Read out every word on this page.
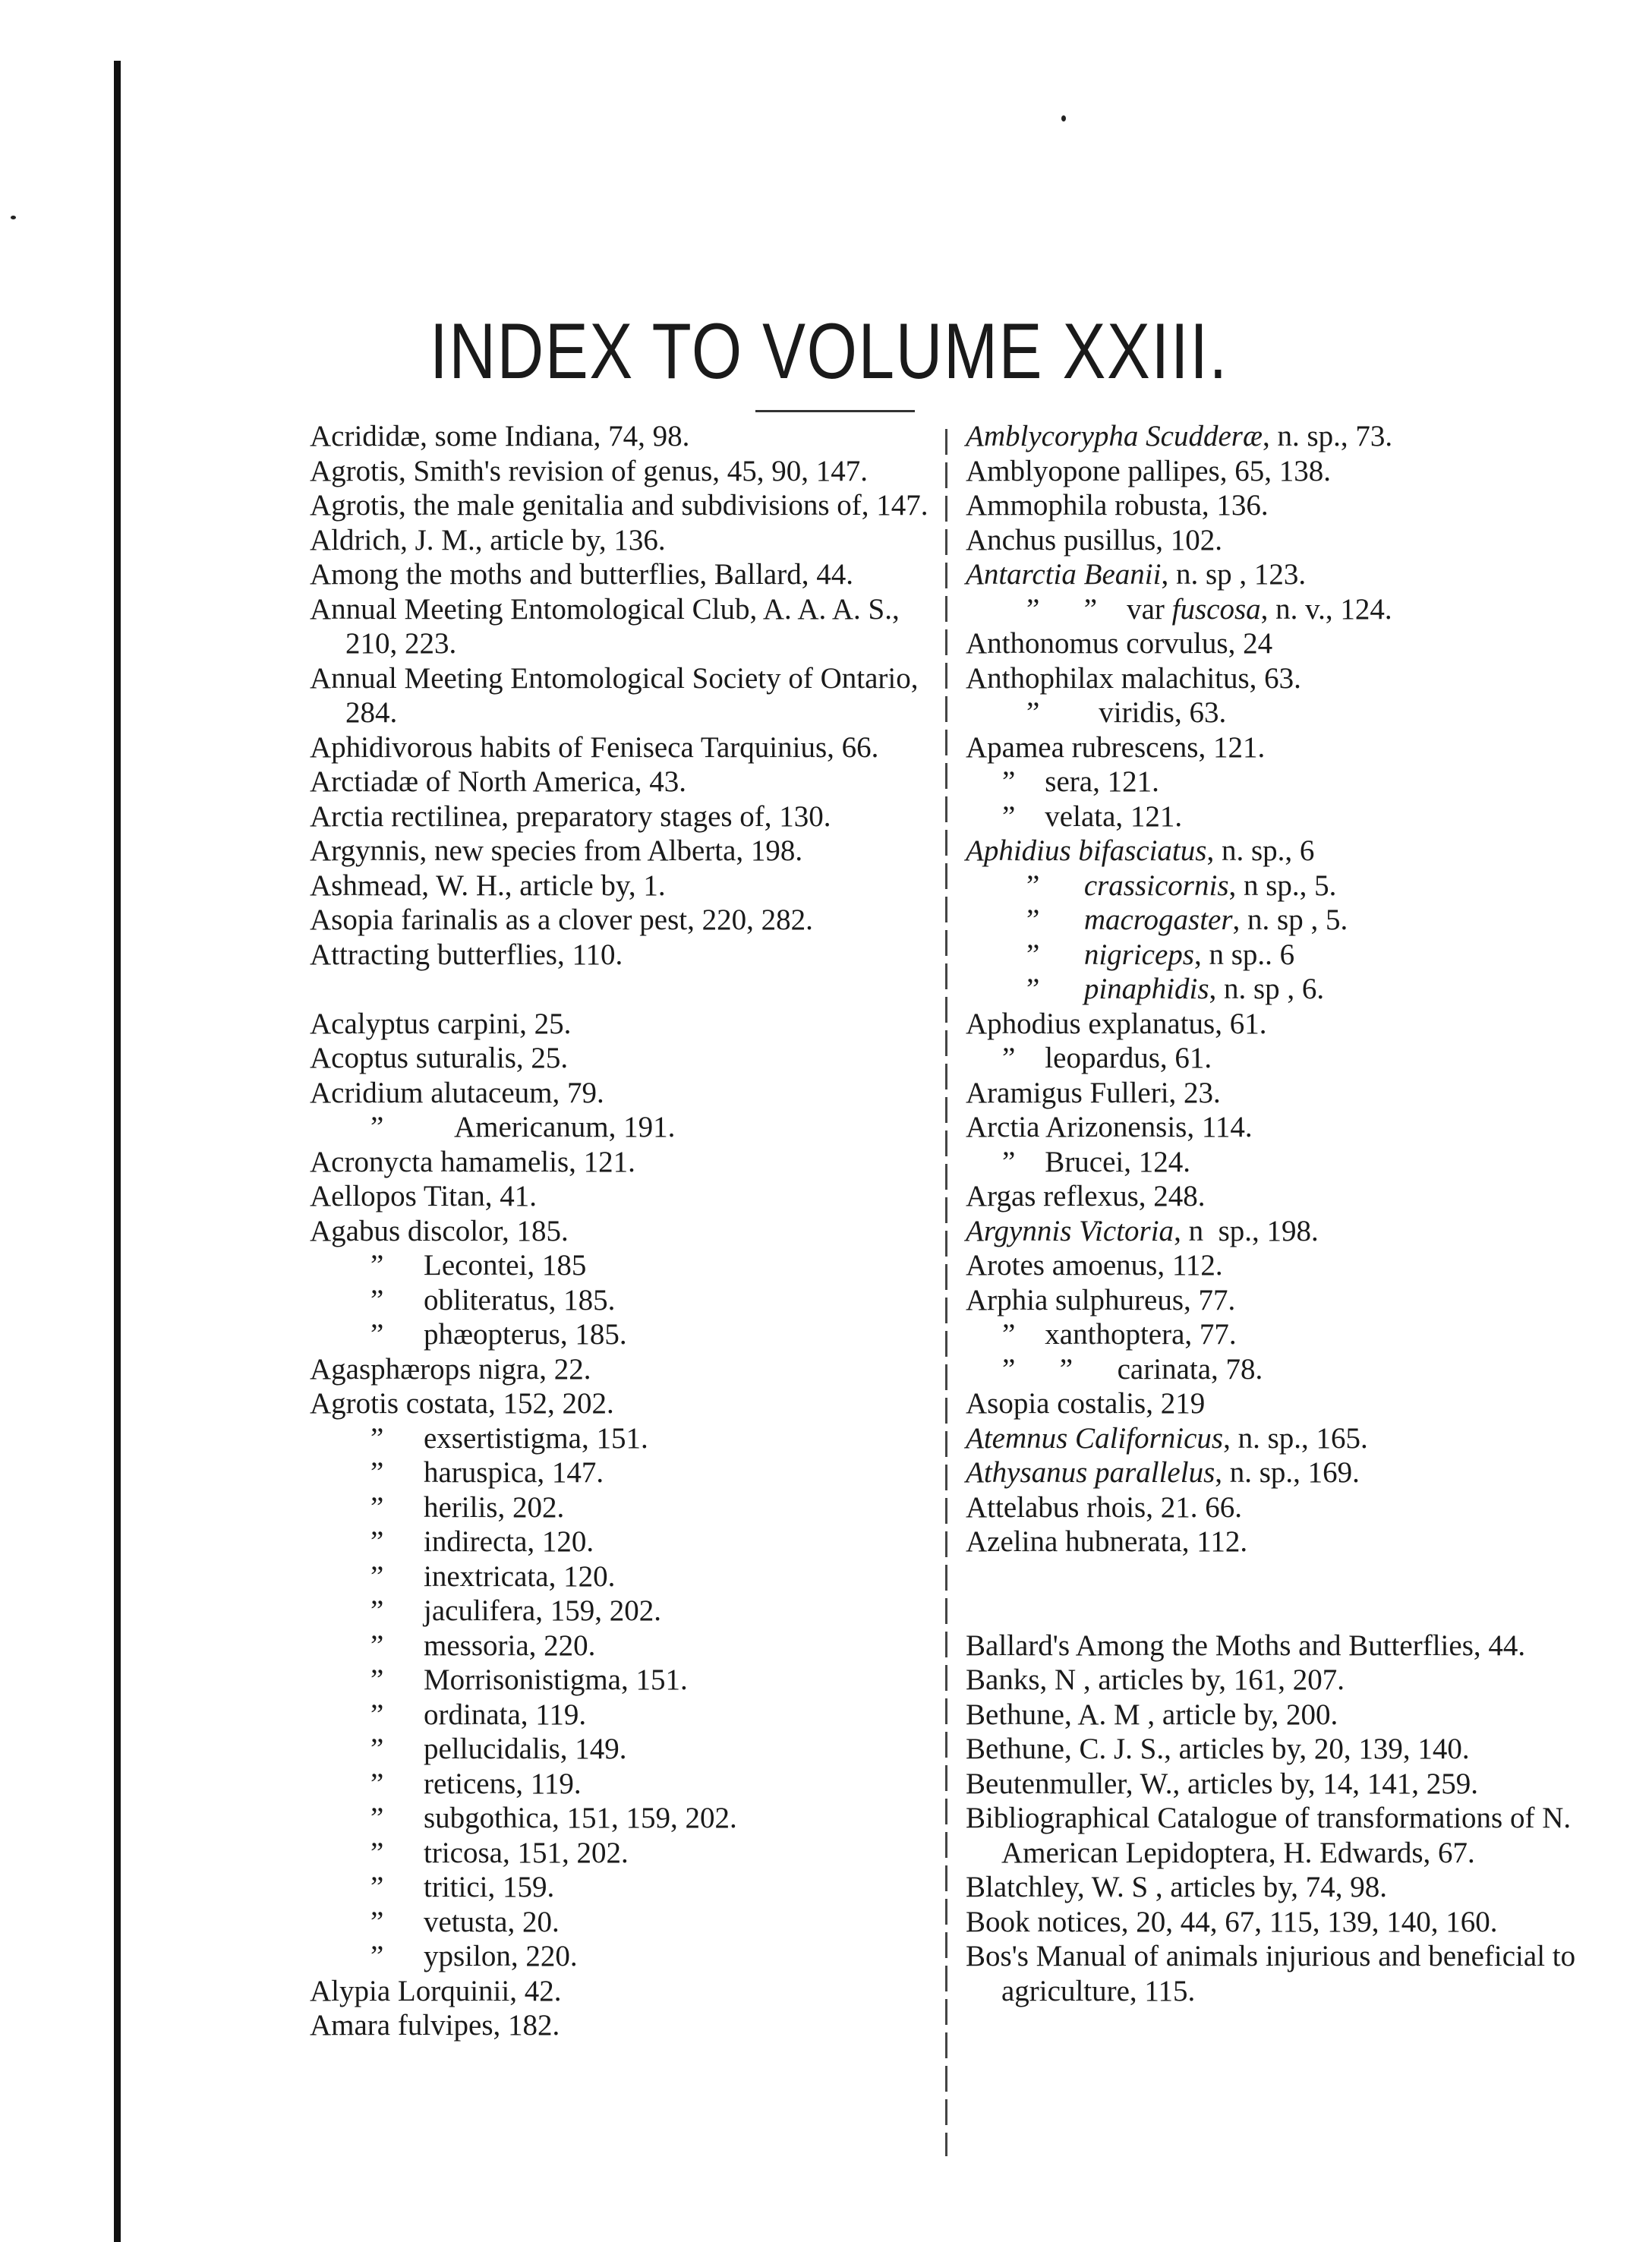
INDEX TO VOLUME XXIII.

Acrididæ, some Indiana, 74, 98.

Agrotis, Smith's revision of genus, 45, 90, 147.

Agrotis, the male genitalia and subdivisions of, 147.

Aldrich, J. M., article by, 136.

Among the moths and butterflies, Ballard, 44.

Annual Meeting Entomological Club, A. A. A. S., 210, 223.

Annual Meeting Entomological Society of Ontario, 284.

Aphidivorous habits of Feniseca Tarquinius, 66.

Arctiadæ of North America, 43.

Arctia rectilinea, preparatory stages of, 130.

Argynnis, new species from Alberta, 198.

Ashmead, W. H., article by, 1.

Asopia farinalis as a clover pest, 220, 282.

Attracting butterflies, 110.

Acalyptus carpini, 25.

Acoptus suturalis, 25.

Acridium alutaceum, 79.

” Americanum, 191.

Acronycta hamamelis, 121.

Aellopos Titan, 41.

Agabus discolor, 185.

” Lecontei, 185

” obliteratus, 185.

” phæopterus, 185.

Agasphærops nigra, 22.

Agrotis costata, 152, 202.

” exsertistigma, 151.

” haruspica, 147.

” herilis, 202.

” indirecta, 120.

” inextricata, 120.

” jaculifera, 159, 202.

” messoria, 220.

” Morrisonistigma, 151.

” ordinata, 119.

” pellucidalis, 149.

” reticens, 119.

” subgothica, 151, 159, 202.

” tricosa, 151, 202.

” tritici, 159.

” vetusta, 20.

” ypsilon, 220.

Alypia Lorquinii, 42.

Amara fulvipes, 182.

Amblycorypha Scudderæ, n. sp., 73.

Amblyopone pallipes, 65, 138.

Ammophila robusta, 136.

Anchus pusillus, 102.

Antarctia Beanii, n. sp , 123.

”      ”    var fuscosa, n. v., 124.

Anthonomus corvulus, 24

Anthophilax malachitus, 63.

”        viridis, 63.

Apamea rubrescens, 121.

”    sera, 121.

”    velata, 121.

Aphidius bifasciatus, n. sp., 6

”      crassicornis, n sp., 5.

”      macrogaster, n. sp , 5.

”      nigriceps, n sp.. 6

”      pinaphidis, n. sp , 6.

Aphodius explanatus, 61.

”    leopardus, 61.

Aramigus Fulleri, 23.

Arctia Arizonensis, 114.

”    Brucei, 124.

Argas reflexus, 248.

Argynnis Victoria, n  sp., 198.

Arotes amoenus, 112.

Arphia sulphureus, 77.

”    xanthoptera, 77.

”      ”      carinata, 78.

Asopia costalis, 219

Atemnus Californicus, n. sp., 165.

Athysanus parallelus, n. sp., 169.

Attelabus rhois, 21. 66.

Azelina hubnerata, 112.

Ballard's Among the Moths and Butterflies, 44.

Banks, N , articles by, 161, 207.

Bethune, A. M , article by, 200.

Bethune, C. J. S., articles by, 20, 139, 140.

Beutenmuller, W., articles by, 14, 141, 259.

Bibliographical Catalogue of transformations of N. American Lepidoptera, H. Edwards, 67.

Blatchley, W. S , articles by, 74, 98.

Book notices, 20, 44, 67, 115, 139, 140, 160.

Bos's Manual of animals injurious and beneficial to agriculture, 115.
